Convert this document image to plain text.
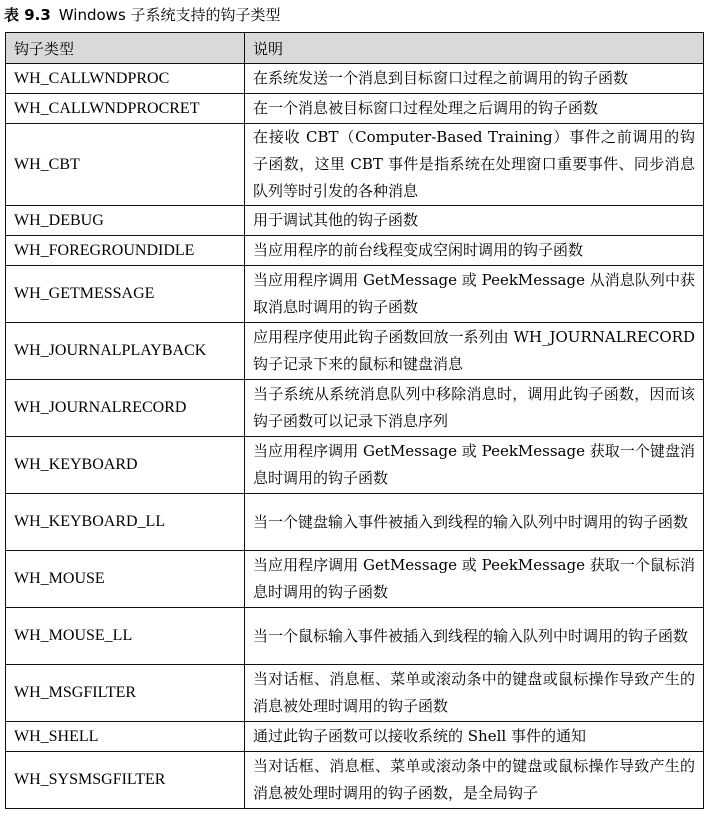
表 9.3 Windows 子系统支持的钩子类型
钩子类型	说明
WH_CALLWNDPROC	在系统发送一个消息到目标窗口过程之前调用的钩子函数
WH_CALLWNDPROCRET	在一个消息被目标窗口过程处理之后调用的钩子函数
WH_CBT	在接收 CBT（Computer-Based Training）事件之前调用的钩子函数，这里 CBT 事件是指系统在处理窗口重要事件、同步消息队列等时引发的各种消息
WH_DEBUG	用于调试其他的钩子函数
WH_FOREGROUNDIDLE	当应用程序的前台线程变成空闲时调用的钩子函数
WH_GETMESSAGE	当应用程序调用 GetMessage 或 PeekMessage 从消息队列中获取消息时调用的钩子函数
WH_JOURNALPLAYBACK	应用程序使用此钩子函数回放一系列由 WH_JOURNALRECORD 钩子记录下来的鼠标和键盘消息
WH_JOURNALRECORD	当子系统从系统消息队列中移除消息时，调用此钩子函数，因而该钩子函数可以记录下消息序列
WH_KEYBOARD	当应用程序调用 GetMessage 或 PeekMessage 获取一个键盘消息时调用的钩子函数
WH_KEYBOARD_LL	当一个键盘输入事件被插入到线程的输入队列中时调用的钩子函数
WH_MOUSE	当应用程序调用 GetMessage 或 PeekMessage 获取一个鼠标消息时调用的钩子函数
WH_MOUSE_LL	当一个鼠标输入事件被插入到线程的输入队列中时调用的钩子函数
WH_MSGFILTER	当对话框、消息框、菜单或滚动条中的键盘或鼠标操作导致产生的消息被处理时调用的钩子函数
WH_SHELL	通过此钩子函数可以接收系统的 Shell 事件的通知
WH_SYSMSGFILTER	当对话框、消息框、菜单或滚动条中的键盘或鼠标操作导致产生的消息被处理时调用的钩子函数，是全局钩子
